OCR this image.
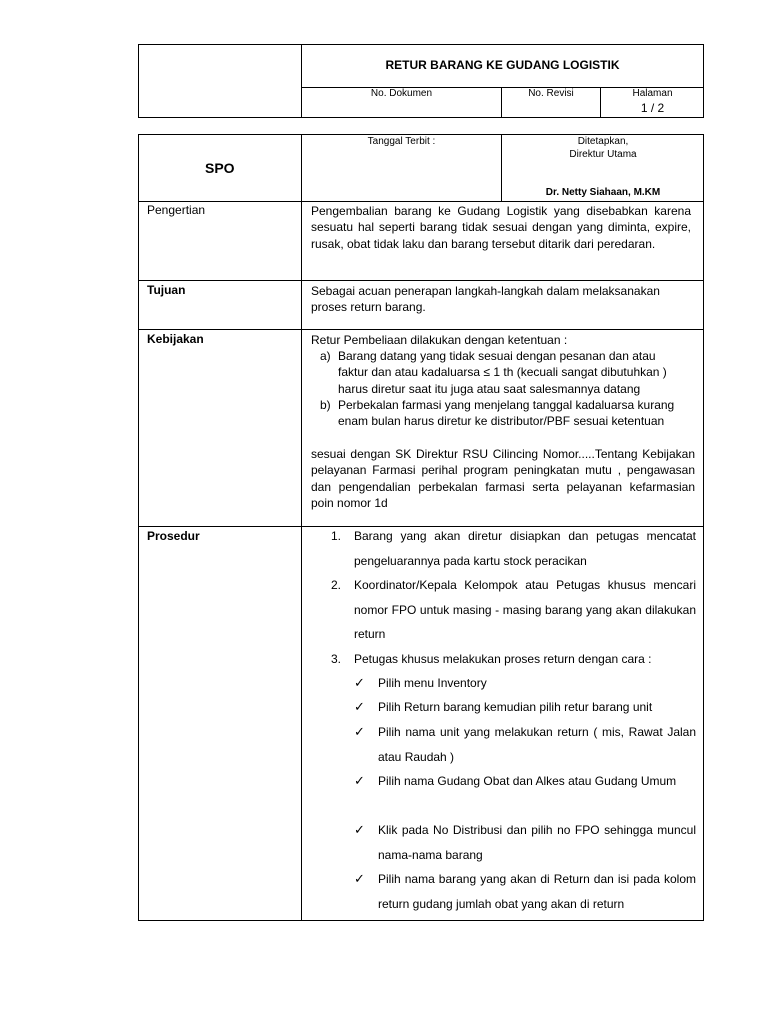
RETUR BARANG KE GUDANG LOGISTIK
No. Dokumen	No. Revisi	Halaman
1 / 2
SPO
Tanggal Terbit :	Ditetapkan,
Direktur Utama
Dr. Netty Siahaan, M.KM
Pengertian	Pengembalian barang ke Gudang Logistik yang disebabkan karena sesuatu hal seperti barang tidak sesuai dengan yang diminta, expire, rusak, obat tidak laku dan barang tersebut ditarik dari peredaran.
Tujuan	Sebagai acuan penerapan langkah-langkah dalam melaksanakan proses return barang.
Kebijakan	Retur Pembeliaan dilakukan dengan ketentuan :
a) Barang datang yang tidak sesuai dengan pesanan dan atau faktur dan atau kadaluarsa ≤ 1 th (kecuali sangat dibutuhkan ) harus diretur saat itu juga atau saat salesmannya datang
b) Perbekalan farmasi yang menjelang tanggal kadaluarsa kurang enam bulan harus diretur ke distributor/PBF sesuai ketentuan
sesuai dengan SK Direktur RSU Cilincing Nomor.....Tentang Kebijakan pelayanan Farmasi perihal program peningkatan mutu , pengawasan dan pengendalian perbekalan farmasi serta pelayanan kefarmasian poin nomor 1d
Prosedur	1. Barang yang akan diretur disiapkan dan petugas mencatat pengeluarannya pada kartu stock peracikan
2. Koordinator/Kepala Kelompok atau Petugas khusus mencari nomor FPO untuk masing - masing barang yang akan dilakukan return
3. Petugas khusus melakukan proses return dengan cara :
✓ Pilih menu Inventory
✓ Pilih Return barang kemudian pilih retur barang unit
✓ Pilih nama unit yang melakukan return ( mis, Rawat Jalan atau Raudah )
✓ Pilih nama Gudang Obat dan Alkes atau Gudang Umum
✓ Klik pada No Distribusi dan pilih no FPO sehingga muncul nama-nama barang
✓ Pilih nama barang yang akan di Return dan isi pada kolom return gudang jumlah obat yang akan di return
